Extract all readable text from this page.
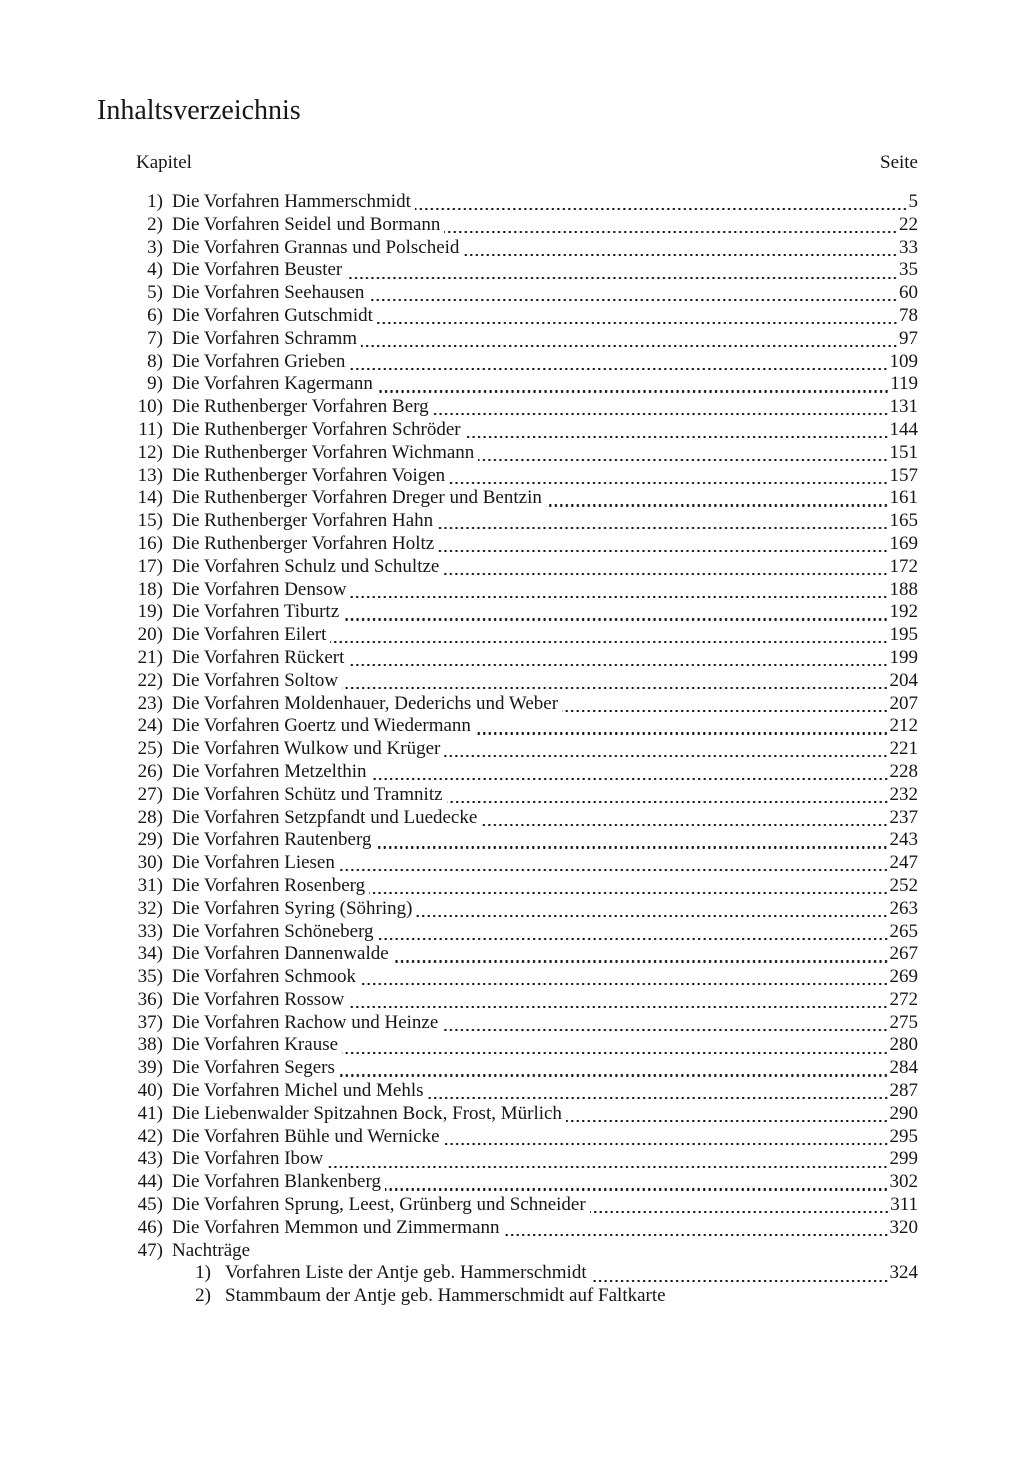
Inhaltsverzeichnis
Kapitel	Seite
1) Die Vorfahren Hammerschmidt	5
2) Die Vorfahren Seidel und Bormann	22
3) Die Vorfahren Grannas und Polscheid	33
4) Die Vorfahren Beuster	35
5) Die Vorfahren Seehausen	60
6) Die Vorfahren Gutschmidt	78
7) Die Vorfahren Schramm	97
8) Die Vorfahren Grieben	109
9) Die Vorfahren Kagermann	119
10) Die Ruthenberger Vorfahren Berg	131
11) Die Ruthenberger Vorfahren Schröder	144
12) Die Ruthenberger Vorfahren Wichmann	151
13) Die Ruthenberger Vorfahren Voigen	157
14) Die Ruthenberger Vorfahren Dreger und Bentzin	161
15) Die Ruthenberger Vorfahren Hahn	165
16) Die Ruthenberger Vorfahren Holtz	169
17) Die Vorfahren Schulz und Schultze	172
18) Die Vorfahren Densow	188
19) Die Vorfahren Tiburtz	192
20) Die Vorfahren Eilert	195
21) Die Vorfahren Rückert	199
22) Die Vorfahren Soltow	204
23) Die Vorfahren Moldenhauer, Dederichs und Weber	207
24) Die Vorfahren Goertz und Wiedermann	212
25) Die Vorfahren Wulkow und Krüger	221
26) Die Vorfahren Metzelthin	228
27) Die Vorfahren Schütz und Tramnitz	232
28) Die Vorfahren Setzpfandt und Luedecke	237
29) Die Vorfahren Rautenberg	243
30) Die Vorfahren Liesen	247
31) Die Vorfahren Rosenberg	252
32) Die Vorfahren Syring (Söhring)	263
33) Die Vorfahren Schöneberg	265
34) Die Vorfahren Dannenwalde	267
35) Die Vorfahren Schmook	269
36) Die Vorfahren Rossow	272
37) Die Vorfahren Rachow und Heinze	275
38) Die Vorfahren Krause	280
39) Die Vorfahren Segers	284
40) Die Vorfahren Michel und Mehls	287
41) Die Liebenwalder Spitzahnen Bock, Frost, Mürlich	290
42) Die Vorfahren Bühle und Wernicke	295
43) Die Vorfahren Ibow	299
44) Die Vorfahren Blankenberg	302
45) Die Vorfahren Sprung, Leest, Grünberg und Schneider	311
46) Die Vorfahren Memmon und Zimmermann	320
47) Nachträge
1) Vorfahren Liste der Antje geb. Hammerschmidt	324
2) Stammbaum der Antje geb. Hammerschmidt auf Faltkarte
